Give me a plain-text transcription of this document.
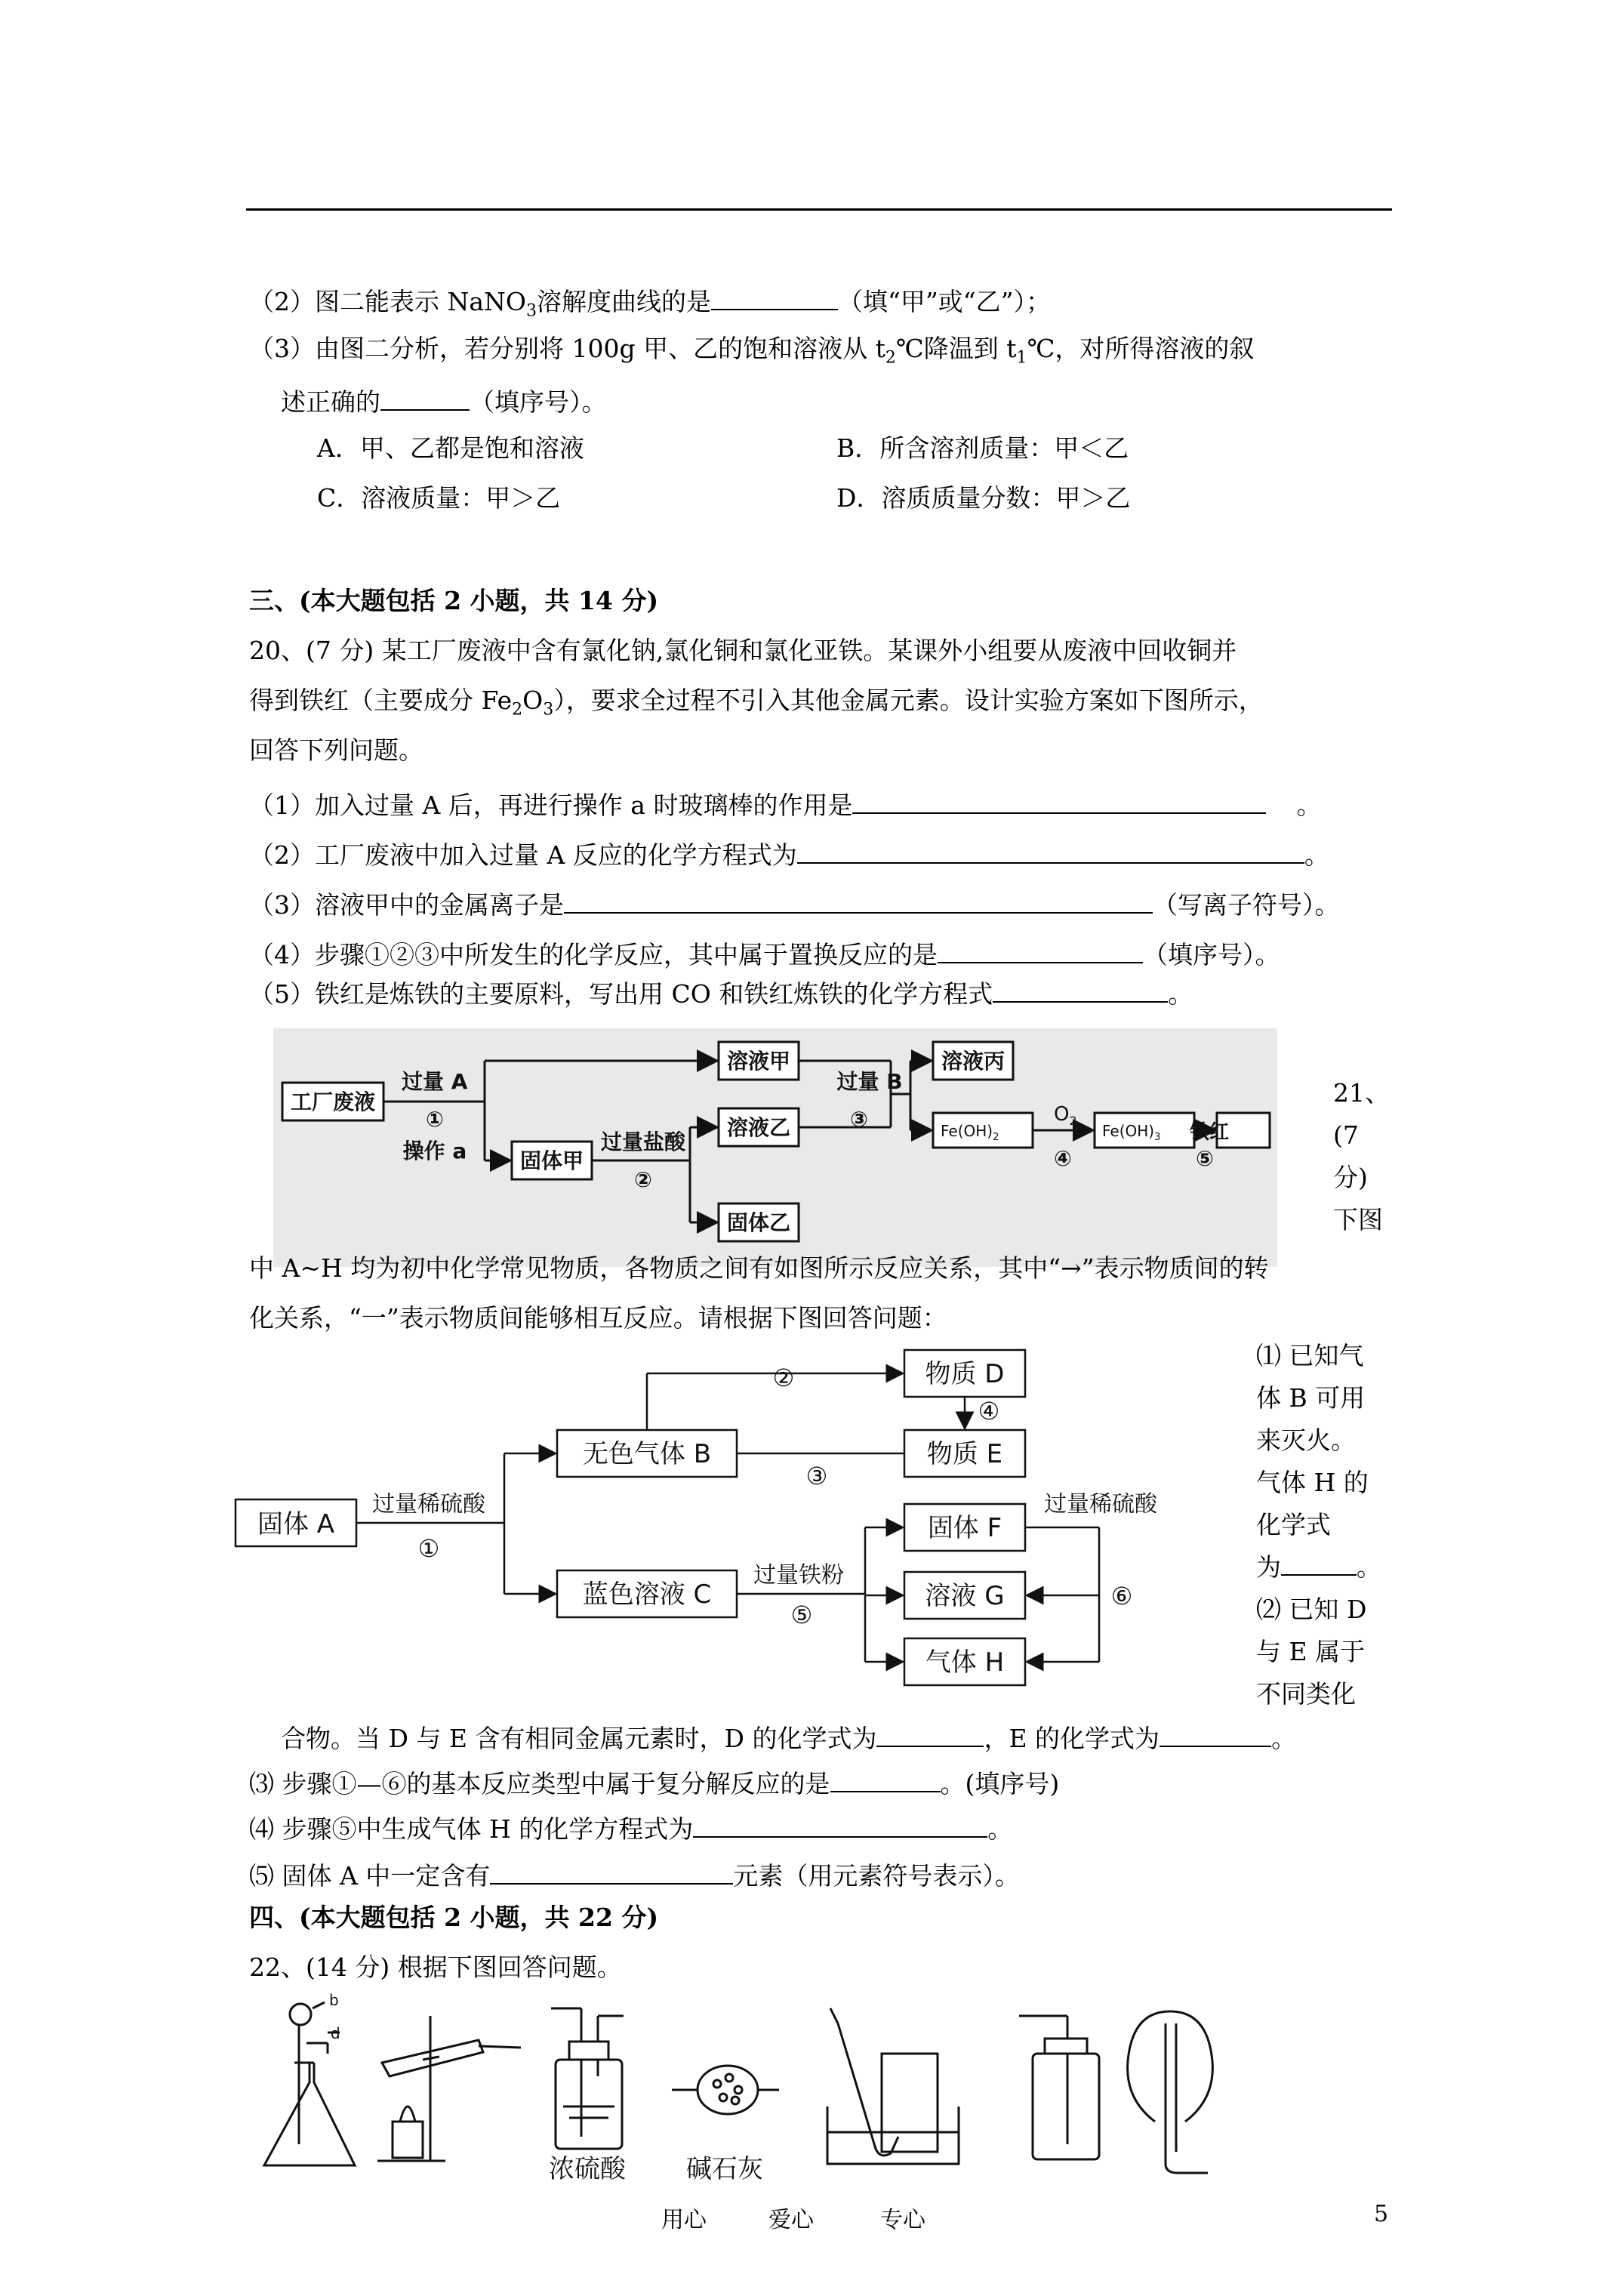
（2）图二能表示 NaNO$_3$溶解度曲线的是	（填“甲”或“乙”）；
（3）由图二分析，若分别将 100g 甲、乙的饱和溶液从 $t_2℃$降温到 $t_1℃$，对所得溶液的叙
述正确的	（填序号）。
A．甲、乙都是饱和溶液	B．所含溶剂质量：甲＜乙
C．溶液质量：甲＞乙	D．溶质质量分数：甲＞乙
三、(本大题包括 2 小题，共 14 分)
20、(7 分) 某工厂废液中含有氯化钠,氯化铜和氯化亚铁。某课外小组要从废液中回收铜并
得到铁红（主要成分 $Fe_2O_3$），要求全过程不引入其他金属元素。设计实验方案如下图所示，
回答下列问题。
（1）加入过量 A 后，再进行操作 a 时玻璃棒的作用是	。
（2）工厂废液中加入过量 A 反应的化学方程式为	。
（3）溶液甲中的金属离子是	（写离子符号）。
（4）步骤①②③中所发生的化学反应，其中属于置换反应的是	（填序号）。
（5）铁红是炼铁的主要原料，写出用 CO 和铁红炼铁的化学方程式	。
工厂废液
过量 A
①
操作 a	固体甲
过量盐酸
②
溶液甲
溶液乙
固体乙
过量 B
③
溶液丙
铁红
$Fe(OH)_2$	$Fe(OH)_3$
$O_2$
④	⑤
21、
(7
分)
下图
中 A~H 均为初中化学常见物质，各物质之间有如图所示反应关系，其中“→”表示物质间的转
化关系，“一”表示物质间能够相互反应。请根据下图回答问题：
固体 A
过量稀硫酸
①
无色气体 B
②	物质 D
④
物质 E
③
蓝色溶液 C
过量铁粉
⑤
固体 F
溶液 G
气体 H
过量稀硫酸
⑥
⑴ 已知气
体 B 可用
来灭火。
气体 H 的
化学式
为	。
⑵ 已知 D
与 E 属于
不同类化
合物。当 D 与 E 含有相同金属元素时，D 的化学式为	，E 的化学式为	。
⑶ 步骤①—⑥的基本反应类型中属于复分解反应的是	。(填序号)
⑷ 步骤⑤中生成气体 H 的化学方程式为	。
⑸ 固体 A 中一定含有	元素（用元素符号表示）。
四、(本大题包括 2 小题，共 22 分)
22、(14 分) 根据下图回答问题。
b
d
浓硫酸 碱石灰
用心	爱心	专心	5
